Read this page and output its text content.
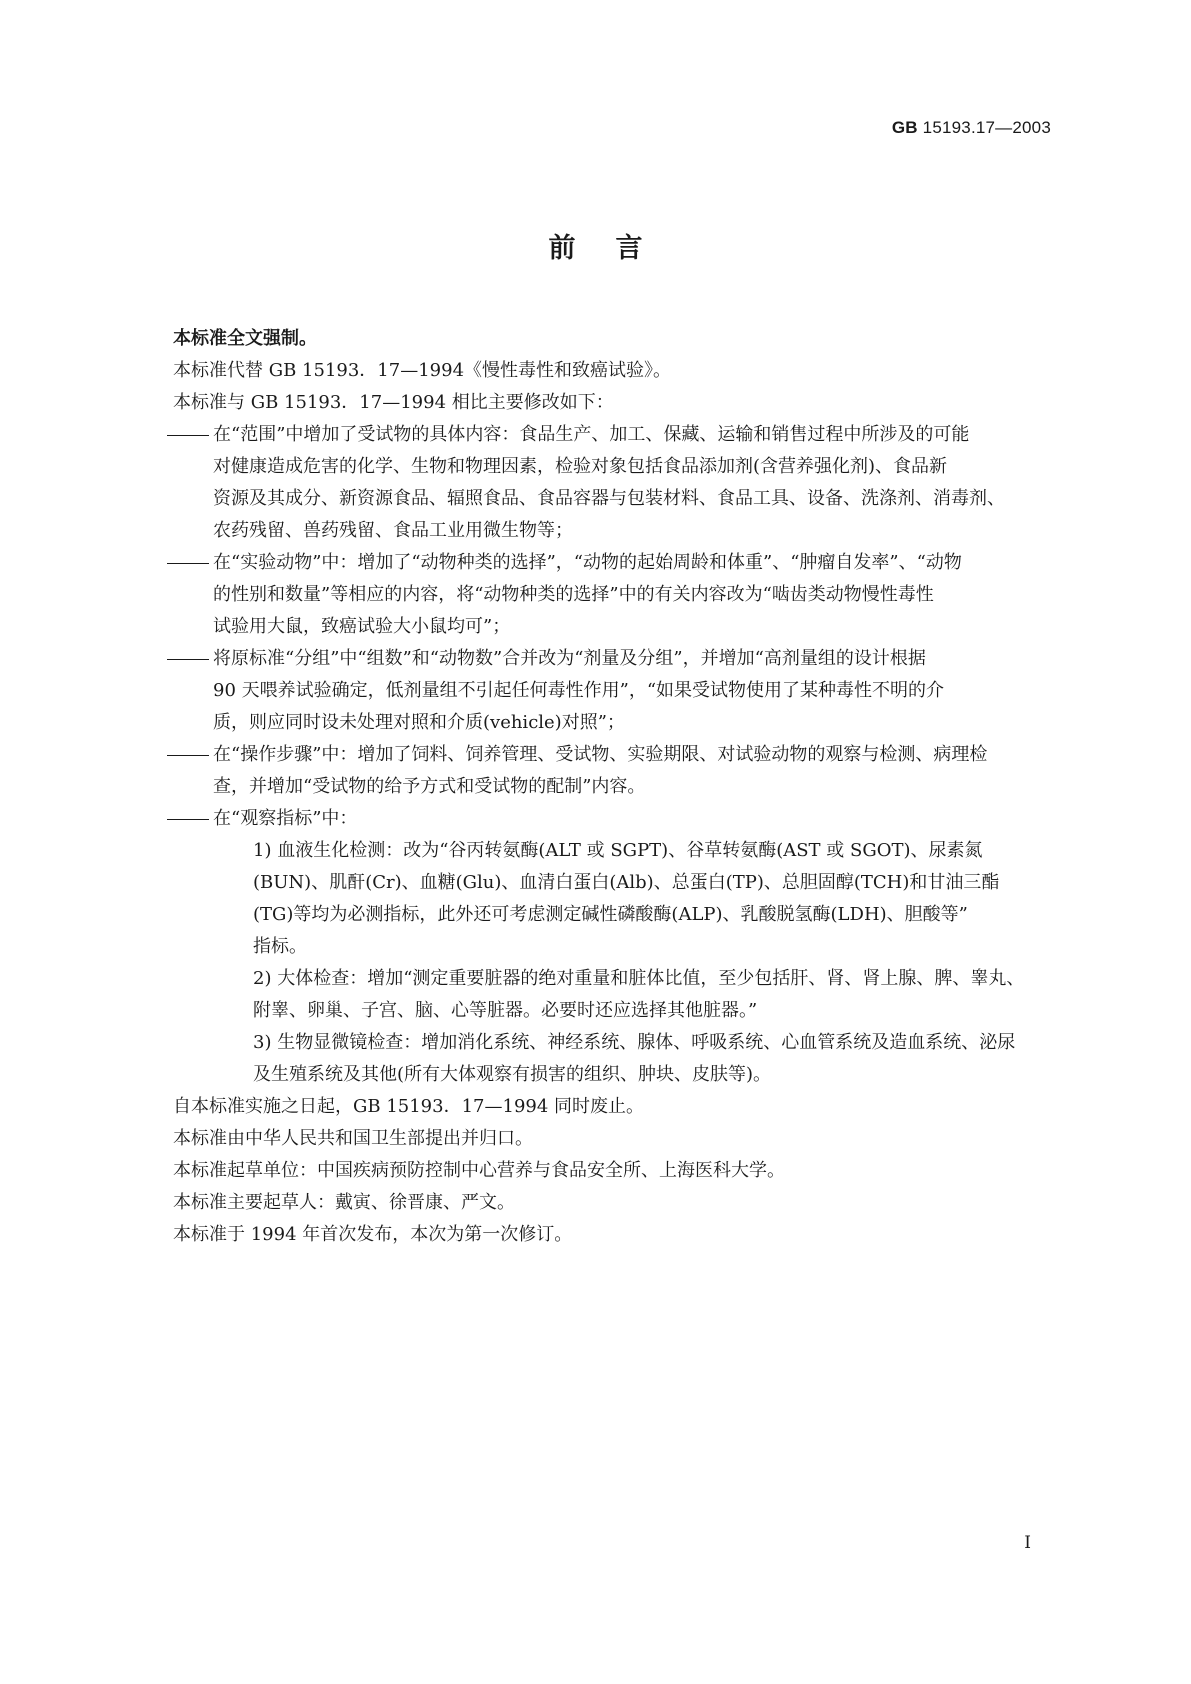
GB 15193.17—2003
前言

本标准全文强制。

本标准代替 GB 15193．17—1994《慢性毒性和致癌试验》。

本标准与 GB 15193．17—1994 相比主要修改如下：

在“范围”中增加了受试物的具体内容：食品生产、加工、保藏、运输和销售过程中所涉及的可能

对健康造成危害的化学、生物和物理因素，检验对象包括食品添加剂(含营养强化剂)、食品新

资源及其成分、新资源食品、辐照食品、食品容器与包装材料、食品工具、设备、洗涤剂、消毒剂、

农药残留、兽药残留、食品工业用微生物等；

在“实验动物”中：增加了“动物种类的选择”，“动物的起始周龄和体重”、“肿瘤自发率”、“动物

的性别和数量”等相应的内容，将“动物种类的选择”中的有关内容改为“啮齿类动物慢性毒性

试验用大鼠，致癌试验大小鼠均可”；

将原标准“分组”中“组数”和“动物数”合并改为“剂量及分组”，并增加“高剂量组的设计根据

90 天喂养试验确定，低剂量组不引起任何毒性作用”，“如果受试物使用了某种毒性不明的介

质，则应同时设未处理对照和介质(vehicle)对照”；

在“操作步骤”中：增加了饲料、饲养管理、受试物、实验期限、对试验动物的观察与检测、病理检

查，并增加“受试物的给予方式和受试物的配制”内容。

在“观察指标”中：

1) 血液生化检测：改为“谷丙转氨酶(ALT 或 SGPT)、谷草转氨酶(AST 或 SGOT)、尿素氮

(BUN)、肌酐(Cr)、血糖(Glu)、血清白蛋白(Alb)、总蛋白(TP)、总胆固醇(TCH)和甘油三酯

(TG)等均为必测指标，此外还可考虑测定碱性磷酸酶(ALP)、乳酸脱氢酶(LDH)、胆酸等”

指标。

2) 大体检查：增加“测定重要脏器的绝对重量和脏体比值，至少包括肝、肾、肾上腺、脾、睾丸、

附睾、卵巢、子宫、脑、心等脏器。必要时还应选择其他脏器。”

3) 生物显微镜检查：增加消化系统、神经系统、腺体、呼吸系统、心血管系统及造血系统、泌尿

及生殖系统及其他(所有大体观察有损害的组织、肿块、皮肤等)。

自本标准实施之日起，GB 15193．17—1994 同时废止。

本标准由中华人民共和国卫生部提出并归口。

本标准起草单位：中国疾病预防控制中心营养与食品安全所、上海医科大学。

本标准主要起草人：戴寅、徐晋康、严文。

本标准于 1994 年首次发布，本次为第一次修订。

I
